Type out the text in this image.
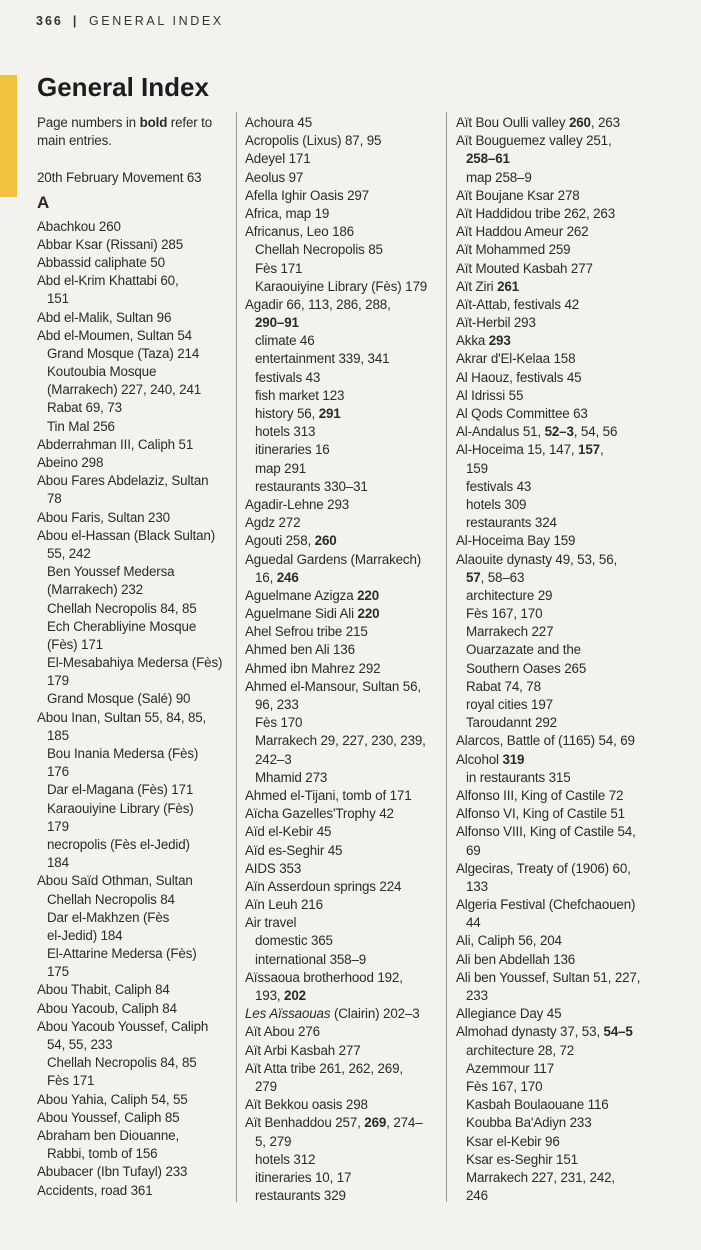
366 | GENERAL INDEX
General Index
Page numbers in bold refer to
main entries.
20th February Movement 63
A
Abachkou 260
Abbar Ksar (Rissani) 285
Abbassid caliphate 50
Abd el-Krim Khattabi 60,
151
Abd el-Malik, Sultan 96
Abd el-Moumen, Sultan 54
Grand Mosque (Taza) 214
Koutoubia Mosque
(Marrakech) 227, 240, 241
Rabat 69, 73
Tin Mal 256
Abderrahman III, Caliph 51
Abeino 298
Abou Fares Abdelaziz, Sultan
78
Abou Faris, Sultan 230
Abou el-Hassan (Black Sultan)
55, 242
Ben Youssef Medersa
(Marrakech) 232
Chellah Necropolis 84, 85
Ech Cherabliyine Mosque
(Fès) 171
El-Mesabahiya Medersa (Fès)
179
Grand Mosque (Salé) 90
Abou Inan, Sultan 55, 84, 85,
185
Bou Inania Medersa (Fès)
176
Dar el-Magana (Fès) 171
Karaouiyine Library (Fès)
179
necropolis (Fès el-Jedid)
184
Abou Saïd Othman, Sultan
Chellah Necropolis 84
Dar el-Makhzen (Fès
el-Jedid) 184
El-Attarine Medersa (Fès)
175
Abou Thabit, Caliph 84
Abou Yacoub, Caliph 84
Abou Yacoub Youssef, Caliph
54, 55, 233
Chellah Necropolis 84, 85
Fès 171
Abou Yahia, Caliph 54, 55
Abou Youssef, Caliph 85
Abraham ben Diouanne,
Rabbi, tomb of 156
Abubacer (Ibn Tufayl) 233
Accidents, road 361
Achoura 45
Acropolis (Lixus) 87, 95
Adeyel 171
Aeolus 97
Afella Ighir Oasis 297
Africa, map 19
Africanus, Leo 186
Chellah Necropolis 85
Fès 171
Karaouiyine Library (Fès) 179
Agadir 66, 113, 286, 288,
290–91
climate 46
entertainment 339, 341
festivals 43
fish market 123
history 56, 291
hotels 313
itineraries 16
map 291
restaurants 330–31
Agadir-Lehne 293
Agdz 272
Agouti 258, 260
Aguedal Gardens (Marrakech)
16, 246
Aguelmane Azigza 220
Aguelmane Sidi Ali 220
Ahel Sefrou tribe 215
Ahmed ben Ali 136
Ahmed ibn Mahrez 292
Ahmed el-Mansour, Sultan 56,
96, 233
Fès 170
Marrakech 29, 227, 230, 239,
242–3
Mhamid 273
Ahmed el-Tijani, tomb of 171
Aïcha Gazelles'Trophy 42
Aïd el-Kebir 45
Aïd es-Seghir 45
AIDS 353
Aïn Asserdoun springs 224
Aïn Leuh 216
Air travel
domestic 365
international 358–9
Aïssaoua brotherhood 192,
193, 202
Les Aïssaouas (Clairin) 202–3
Aït Abou 276
Aït Arbi Kasbah 277
Aït Atta tribe 261, 262, 269,
279
Aït Bekkou oasis 298
Aït Benhaddou 257, 269, 274–
5, 279
hotels 312
itineraries 10, 17
restaurants 329
Aït Bou Oulli valley 260, 263
Aït Bouguemez valley 251,
258–61
map 258–9
Aït Boujane Ksar 278
Aït Haddidou tribe 262, 263
Aït Haddou Ameur 262
Aït Mohammed 259
Aït Mouted Kasbah 277
Aït Ziri 261
Aït-Attab, festivals 42
Aït-Herbil 293
Akka 293
Akrar d'El-Kelaa 158
Al Haouz, festivals 45
Al Idrissi 55
Al Qods Committee 63
Al-Andalus 51, 52–3, 54, 56
Al-Hoceima 15, 147, 157,
159
festivals 43
hotels 309
restaurants 324
Al-Hoceima Bay 159
Alaouite dynasty 49, 53, 56,
57, 58–63
architecture 29
Fès 167, 170
Marrakech 227
Ouarzazate and the
Southern Oases 265
Rabat 74, 78
royal cities 197
Taroudannt 292
Alarcos, Battle of (1165) 54, 69
Alcohol 319
in restaurants 315
Alfonso III, King of Castile 72
Alfonso VI, King of Castile 51
Alfonso VIII, King of Castile 54,
69
Algeciras, Treaty of (1906) 60,
133
Algeria Festival (Chefchaouen)
44
Ali, Caliph 56, 204
Ali ben Abdellah 136
Ali ben Youssef, Sultan 51, 227,
233
Allegiance Day 45
Almohad dynasty 37, 53, 54–5
architecture 28, 72
Azemmour 117
Fès 167, 170
Kasbah Boulaouane 116
Koubba Ba'Adiyn 233
Ksar el-Kebir 96
Ksar es-Seghir 151
Marrakech 227, 231, 242,
246
